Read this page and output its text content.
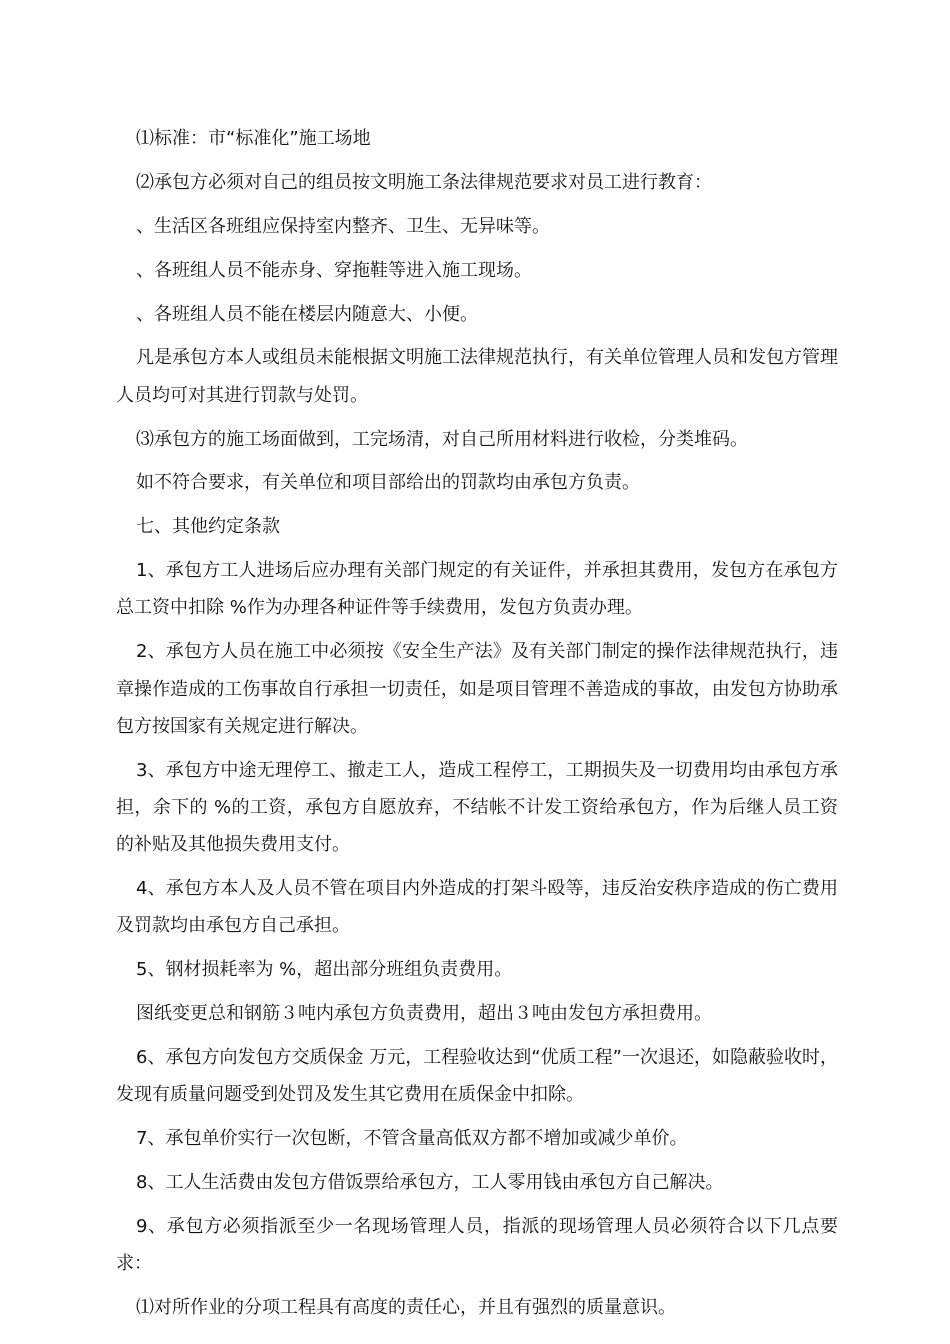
⑴标准：市“标准化”施工场地

⑵承包方必须对自己的组员按文明施工条法律规范要求对员工进行教育：

、生活区各班组应保持室内整齐、卫生、无异味等。

、各班组人员不能赤身、穿拖鞋等进入施工现场。

、各班组人员不能在楼层内随意大、小便。

凡是承包方本人或组员未能根据文明施工法律规范执行，有关单位管理人员和发包方管理人员均可对其进行罚款与处罚。

⑶承包方的施工场面做到，工完场清，对自己所用材料进行收检，分类堆码。

如不符合要求，有关单位和项目部给出的罚款均由承包方负责。

七、其他约定条款

1、承包方工人进场后应办理有关部门规定的有关证件，并承担其费用，发包方在承包方总工资中扣除 %作为办理各种证件等手续费用，发包方负责办理。

2、承包方人员在施工中必须按《安全生产法》及有关部门制定的操作法律规范执行，违章操作造成的工伤事故自行承担一切责任，如是项目管理不善造成的事故，由发包方协助承包方按国家有关规定进行解决。

3、承包方中途无理停工、撤走工人，造成工程停工，工期损失及一切费用均由承包方承担，余下的 %的工资，承包方自愿放弃，不结帐不计发工资给承包方，作为后继人员工资的补贴及其他损失费用支付。

4、承包方本人及人员不管在项目内外造成的打架斗殴等，违反治安秩序造成的伤亡费用及罚款均由承包方自己承担。

5、钢材损耗率为 %，超出部分班组负责费用。

图纸变更总和钢筋３吨内承包方负责费用，超出３吨由发包方承担费用。

6、承包方向发包方交质保金 万元，工程验收达到“优质工程”一次退还，如隐蔽验收时，发现有质量问题受到处罚及发生其它费用在质保金中扣除。

7、承包单价实行一次包断，不管含量高低双方都不增加或减少单价。

8、工人生活费由发包方借饭票给承包方，工人零用钱由承包方自己解决。

9、承包方必须指派至少一名现场管理人员，指派的现场管理人员必须符合以下几点要求：

⑴对所作业的分项工程具有高度的责任心，并且有强烈的质量意识。
